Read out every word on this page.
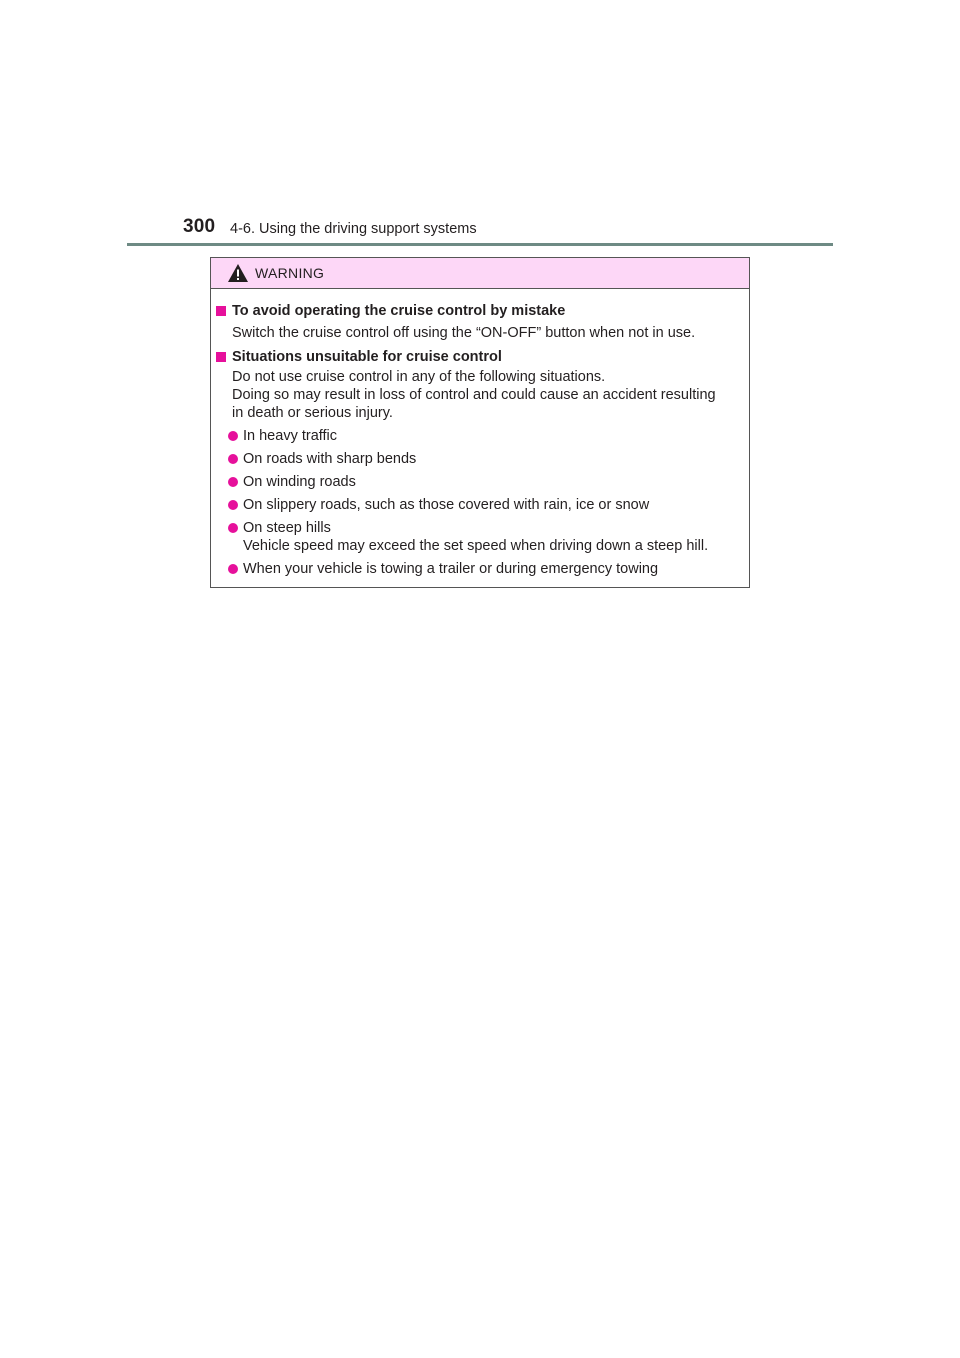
300 4-6. Using the driving support systems
WARNING
To avoid operating the cruise control by mistake
Switch the cruise control off using the “ON-OFF” button when not in use.
Situations unsuitable for cruise control
Do not use cruise control in any of the following situations.
Doing so may result in loss of control and could cause an accident resulting
in death or serious injury.
In heavy traffic
On roads with sharp bends
On winding roads
On slippery roads, such as those covered with rain, ice or snow
On steep hills
Vehicle speed may exceed the set speed when driving down a steep hill.
When your vehicle is towing a trailer or during emergency towing
